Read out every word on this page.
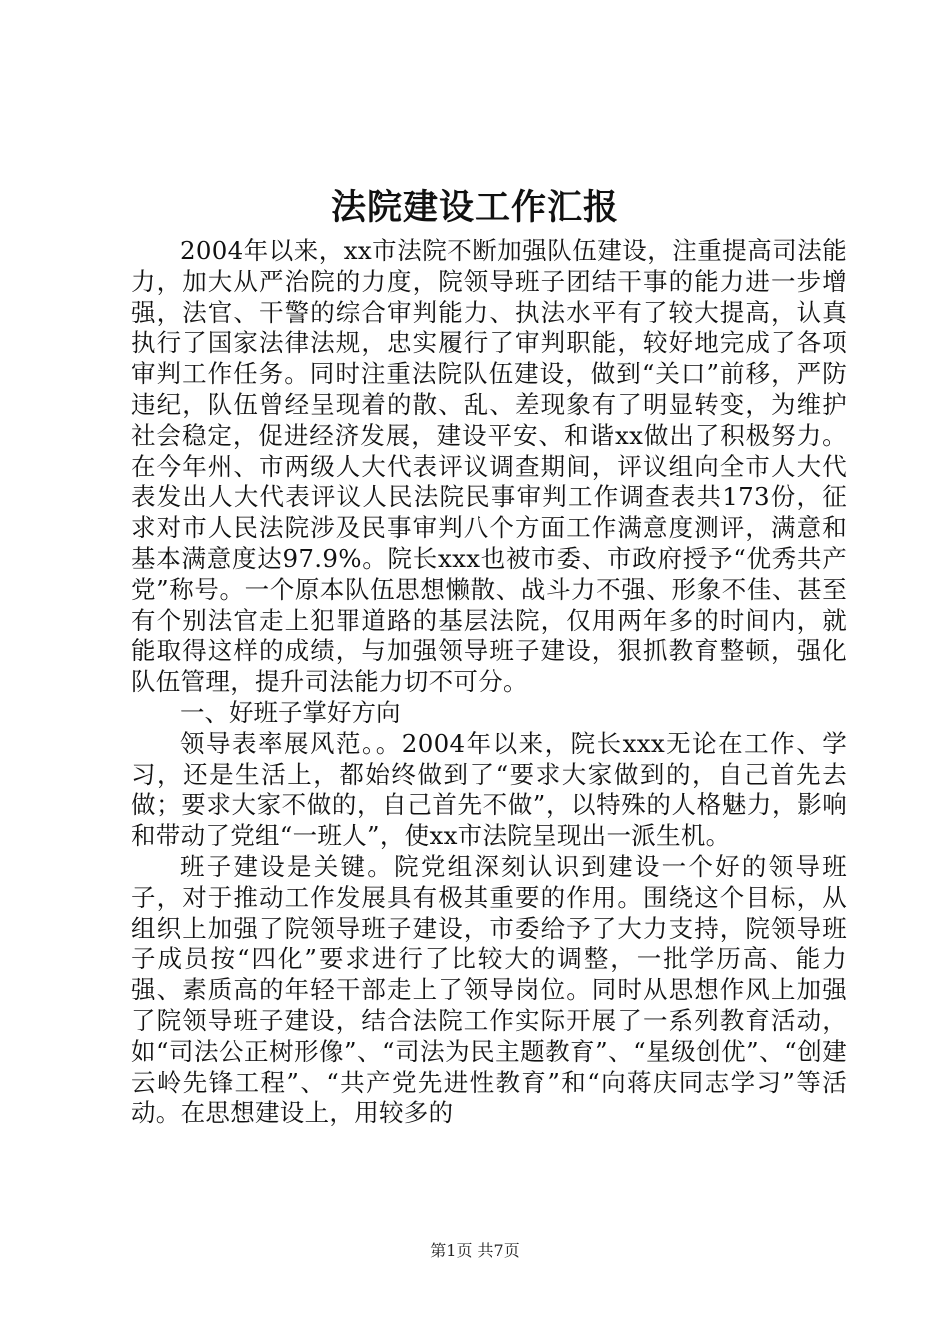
法院建设工作汇报

2004年以来，xx市法院不断加强队伍建设，注重提高司法能力，加大从严治院的力度，院领导班子团结干事的能力进一步增强，法官、干警的综合审判能力、执法水平有了较大提高，认真执行了国家法律法规，忠实履行了审判职能，较好地完成了各项审判工作任务。同时注重法院队伍建设，做到“关口”前移，严防违纪，队伍曾经呈现着的散、乱、差现象有了明显转变，为维护社会稳定，促进经济发展，建设平安、和谐xx做出了积极努力。在今年州、市两级人大代表评议调查期间，评议组向全市人大代表发出人大代表评议人民法院民事审判工作调查表共173份，征求对市人民法院涉及民事审判八个方面工作满意度测评，满意和基本满意度达97.9%。院长xxx也被市委、市政府授予“优秀共产党”称号。一个原本队伍思想懒散、战斗力不强、形象不佳、甚至有个别法官走上犯罪道路的基层法院，仅用两年多的时间内，就能取得这样的成绩，与加强领导班子建设，狠抓教育整顿，强化队伍管理，提升司法能力切不可分。

一、好班子掌好方向

领导表率展风范。。2004年以来，院长xxx无论在工作、学习，还是生活上，都始终做到了“要求大家做到的，自己首先去做；要求大家不做的，自己首先不做”，以特殊的人格魅力，影响和带动了党组“一班人”，使xx市法院呈现出一派生机。

班子建设是关键。院党组深刻认识到建设一个好的领导班子，对于推动工作发展具有极其重要的作用。围绕这个目标，从组织上加强了院领导班子建设，市委给予了大力支持，院领导班子成员按“四化”要求进行了比较大的调整，一批学历高、能力强、素质高的年轻干部走上了领导岗位。同时从思想作风上加强了院领导班子建设，结合法院工作实际开展了一系列教育活动，如“司法公正树形像”、“司法为民主题教育”、“星级创优”、“创建云岭先锋工程”、“共产党先进性教育”和“向蒋庆同志学习”等活动。在思想建设上，用较多的

第1页 共7页
